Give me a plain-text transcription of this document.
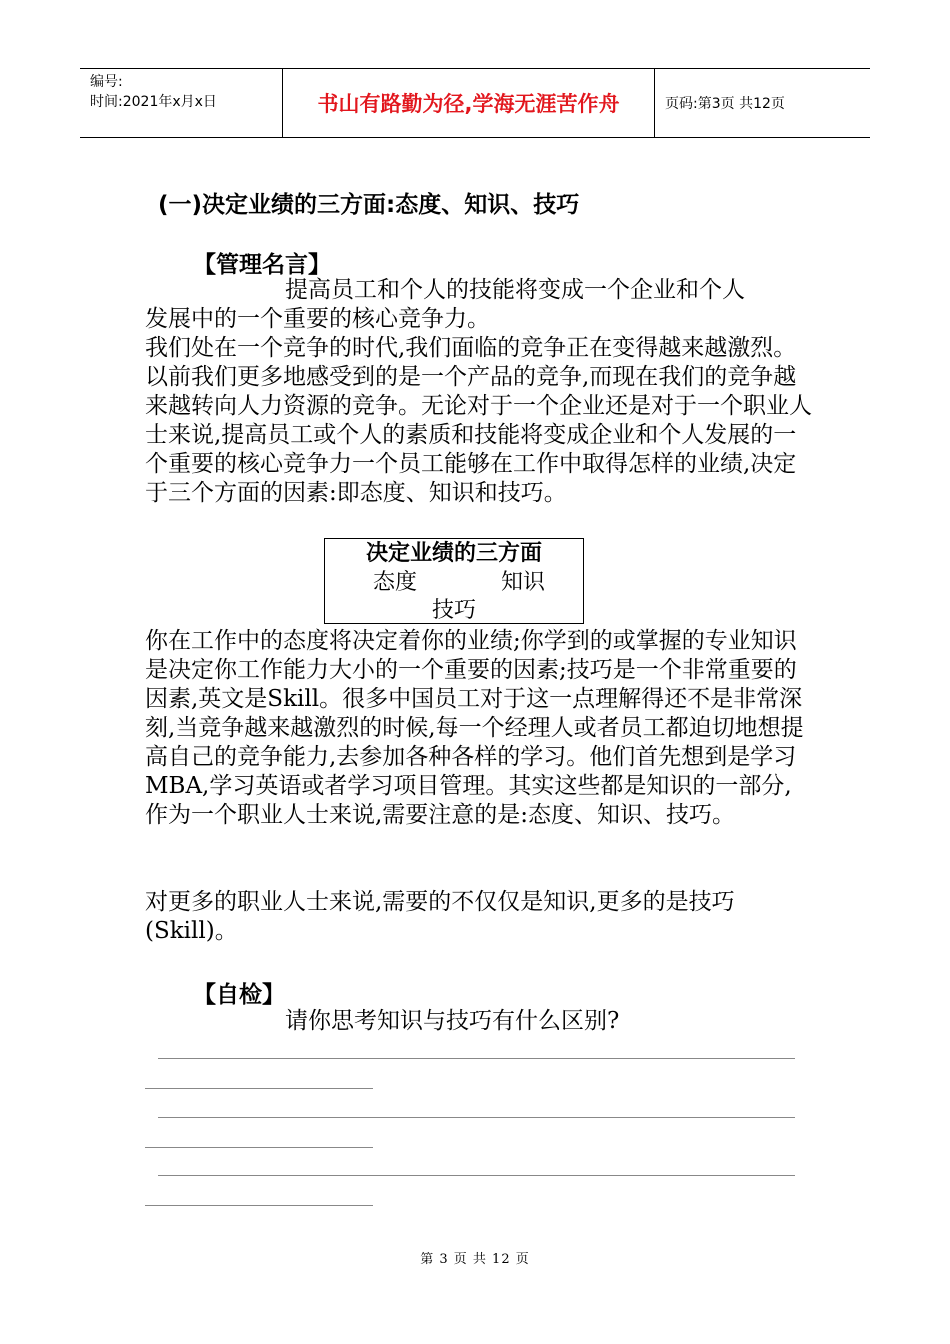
编号:
时间:2021年x月x日	书山有路勤为径,学海无涯苦作舟	页码:第3页 共12页
(一)决定业绩的三方面:态度、知识、技巧
【管理名言】
提高员工和个人的技能将变成一个企业和个人
发展中的一个重要的核心竞争力。

我们处在一个竞争的时代,我们面临的竞争正在变得越来越激烈。以前我们更多地感受到的是一个产品的竞争,而现在我们的竞争越来越转向人力资源的竞争。无论对于一个企业还是对于一个职业人士来说,提高员工或个人的素质和技能将变成企业和个人发展的一个重要的核心竞争力一个员工能够在工作中取得怎样的业绩,决定于三个方面的因素:即态度、知识和技巧。

决定业绩的三方面
态度	知识
技巧

你在工作中的态度将决定着你的业绩;你学到的或掌握的专业知识是决定你工作能力大小的一个重要的因素;技巧是一个非常重要的因素,英文是Skill。很多中国员工对于这一点理解得还不是非常深刻,当竞争越来越激烈的时候,每一个经理人或者员工都迫切地想提高自己的竞争能力,去参加各种各样的学习。他们首先想到是学习MBA,学习英语或者学习项目管理。其实这些都是知识的一部分,作为一个职业人士来说,需要注意的是:态度、知识、技巧。

对更多的职业人士来说,需要的不仅仅是知识,更多的是技巧(Skill)。

【自检】
请你思考知识与技巧有什么区别?
第 3 页 共 12 页
